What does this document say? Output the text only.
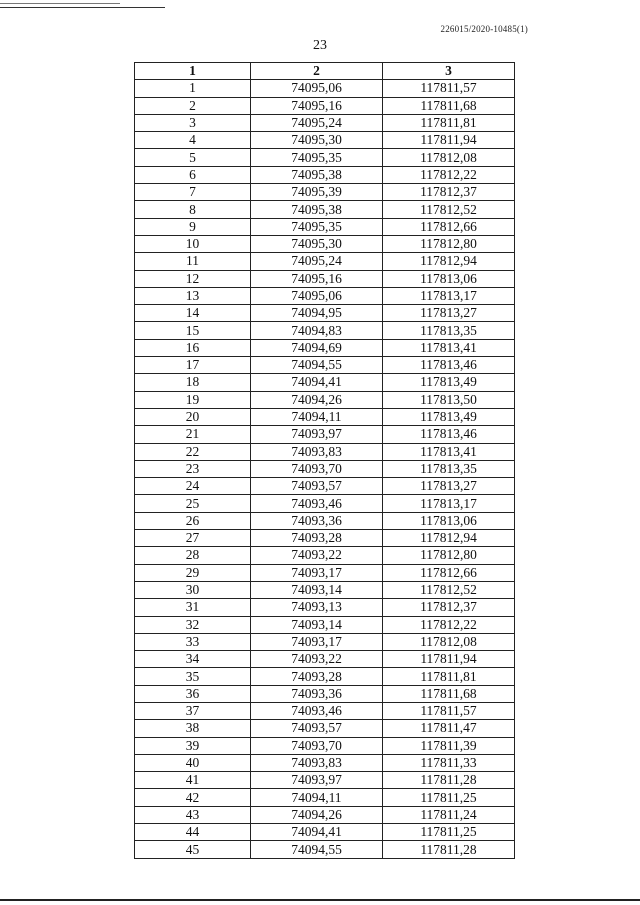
226015/2020-10485(1)
23
1	2	3
1	74095,06	117811,57
2	74095,16	117811,68
3	74095,24	117811,81
4	74095,30	117811,94
5	74095,35	117812,08
6	74095,38	117812,22
7	74095,39	117812,37
8	74095,38	117812,52
9	74095,35	117812,66
10	74095,30	117812,80
11	74095,24	117812,94
12	74095,16	117813,06
13	74095,06	117813,17
14	74094,95	117813,27
15	74094,83	117813,35
16	74094,69	117813,41
17	74094,55	117813,46
18	74094,41	117813,49
19	74094,26	117813,50
20	74094,11	117813,49
21	74093,97	117813,46
22	74093,83	117813,41
23	74093,70	117813,35
24	74093,57	117813,27
25	74093,46	117813,17
26	74093,36	117813,06
27	74093,28	117812,94
28	74093,22	117812,80
29	74093,17	117812,66
30	74093,14	117812,52
31	74093,13	117812,37
32	74093,14	117812,22
33	74093,17	117812,08
34	74093,22	117811,94
35	74093,28	117811,81
36	74093,36	117811,68
37	74093,46	117811,57
38	74093,57	117811,47
39	74093,70	117811,39
40	74093,83	117811,33
41	74093,97	117811,28
42	74094,11	117811,25
43	74094,26	117811,24
44	74094,41	117811,25
45	74094,55	117811,28
